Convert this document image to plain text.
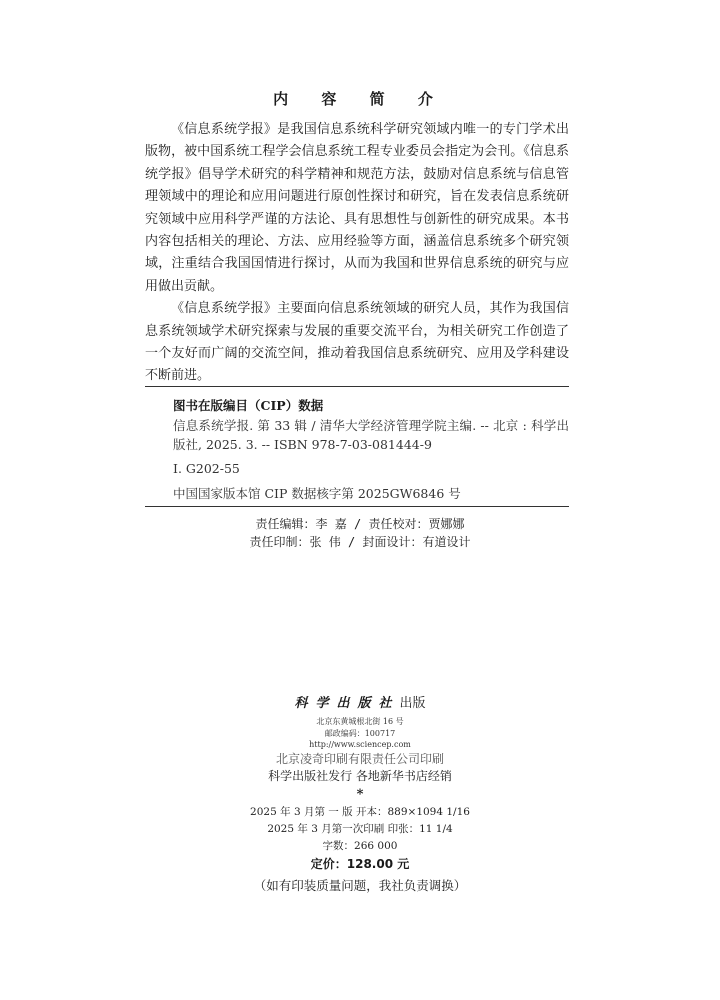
内 容 简 介

《信息系统学报》是我国信息系统科学研究领域内唯一的专门学术出版物，被中国系统工程学会信息系统工程专业委员会指定为会刊。《信息系统学报》倡导学术研究的科学精神和规范方法，鼓励对信息系统与信息管理领域中的理论和应用问题进行原创性探讨和研究，旨在发表信息系统研究领域中应用科学严谨的方法论、具有思想性与创新性的研究成果。本书内容包括相关的理论、方法、应用经验等方面，涵盖信息系统多个研究领域，注重结合我国国情进行探讨，从而为我国和世界信息系统的研究与应用做出贡献。

《信息系统学报》主要面向信息系统领域的研究人员，其作为我国信息系统领域学术研究探索与发展的重要交流平台，为相关研究工作创造了一个友好而广阔的交流空间，推动着我国信息系统研究、应用及学科建设不断前进。

图书在版编目（CIP）数据
信息系统学报. 第 33 辑 / 清华大学经济管理学院主编. -- 北京 : 科学出版社, 2025. 3. -- ISBN 978-7-03-081444-9
Ⅰ. G202-55
中国国家版本馆 CIP 数据核字第 2025GW6846 号
责任编辑：李 嘉 / 责任校对：贾娜娜
责任印制：张 伟 / 封面设计：有道设计
科学出版社出版
北京东黄城根北街 16 号
邮政编码：100717
http://www.sciencep.com
北京凌奇印刷有限责任公司印刷
科学出版社发行 各地新华书店经销
*
2025 年 3 月第 一 版 开本：889×1094 1/16
2025 年 3 月第一次印刷 印张：11 1/4
字数：266 000
定价：128.00 元
（如有印装质量问题，我社负责调换）
